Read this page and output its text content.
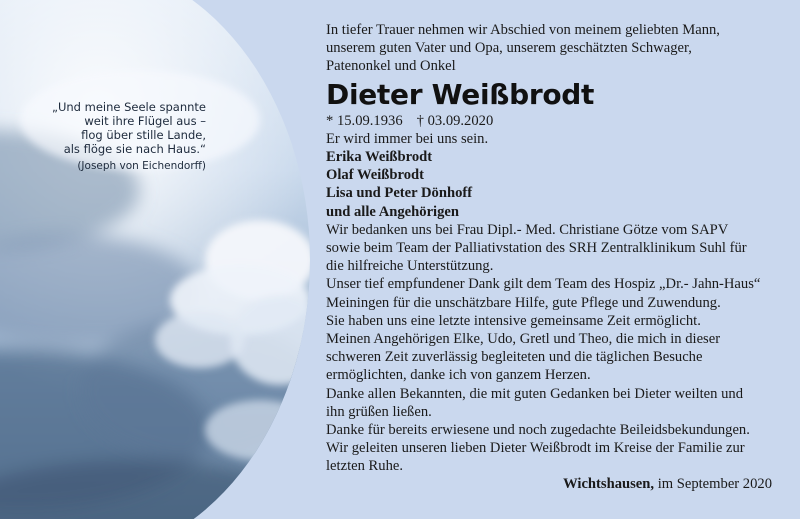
„Und meine Seele spannte
weit ihre Flügel aus –
flog über stille Lande,
als flöge sie nach Haus.“
(Joseph von Eichendorff)
In tiefer Trauer nehmen wir Abschied von meinem geliebten Mann,
unserem guten Vater und Opa, unserem geschätzten Schwager,
Patenonkel und Onkel
Dieter Weißbrodt
* 15.09.1936 † 03.09.2020
Er wird immer bei uns sein.
Erika Weißbrodt
Olaf Weißbrodt
Lisa und Peter Dönhoff
und alle Angehörigen
Wir bedanken uns bei Frau Dipl.- Med. Christiane Götze vom SAPV
sowie beim Team der Palliativstation des SRH Zentralklinikum Suhl für
die hilfreiche Unterstützung.
Unser tief empfundener Dank gilt dem Team des Hospiz „Dr.- Jahn-Haus“
Meiningen für die unschätzbare Hilfe, gute Pflege und Zuwendung.
Sie haben uns eine letzte intensive gemeinsame Zeit ermöglicht.
Meinen Angehörigen Elke, Udo, Gretl und Theo, die mich in dieser
schweren Zeit zuverlässig begleiteten und die täglichen Besuche
ermöglichten, danke ich von ganzem Herzen.
Danke allen Bekannten, die mit guten Gedanken bei Dieter weilten und
ihn grüßen ließen.
Danke für bereits erwiesene und noch zugedachte Beileidsbekundungen.
Wir geleiten unseren lieben Dieter Weißbrodt im Kreise der Familie zur
letzten Ruhe.
Wichtshausen, im September 2020
